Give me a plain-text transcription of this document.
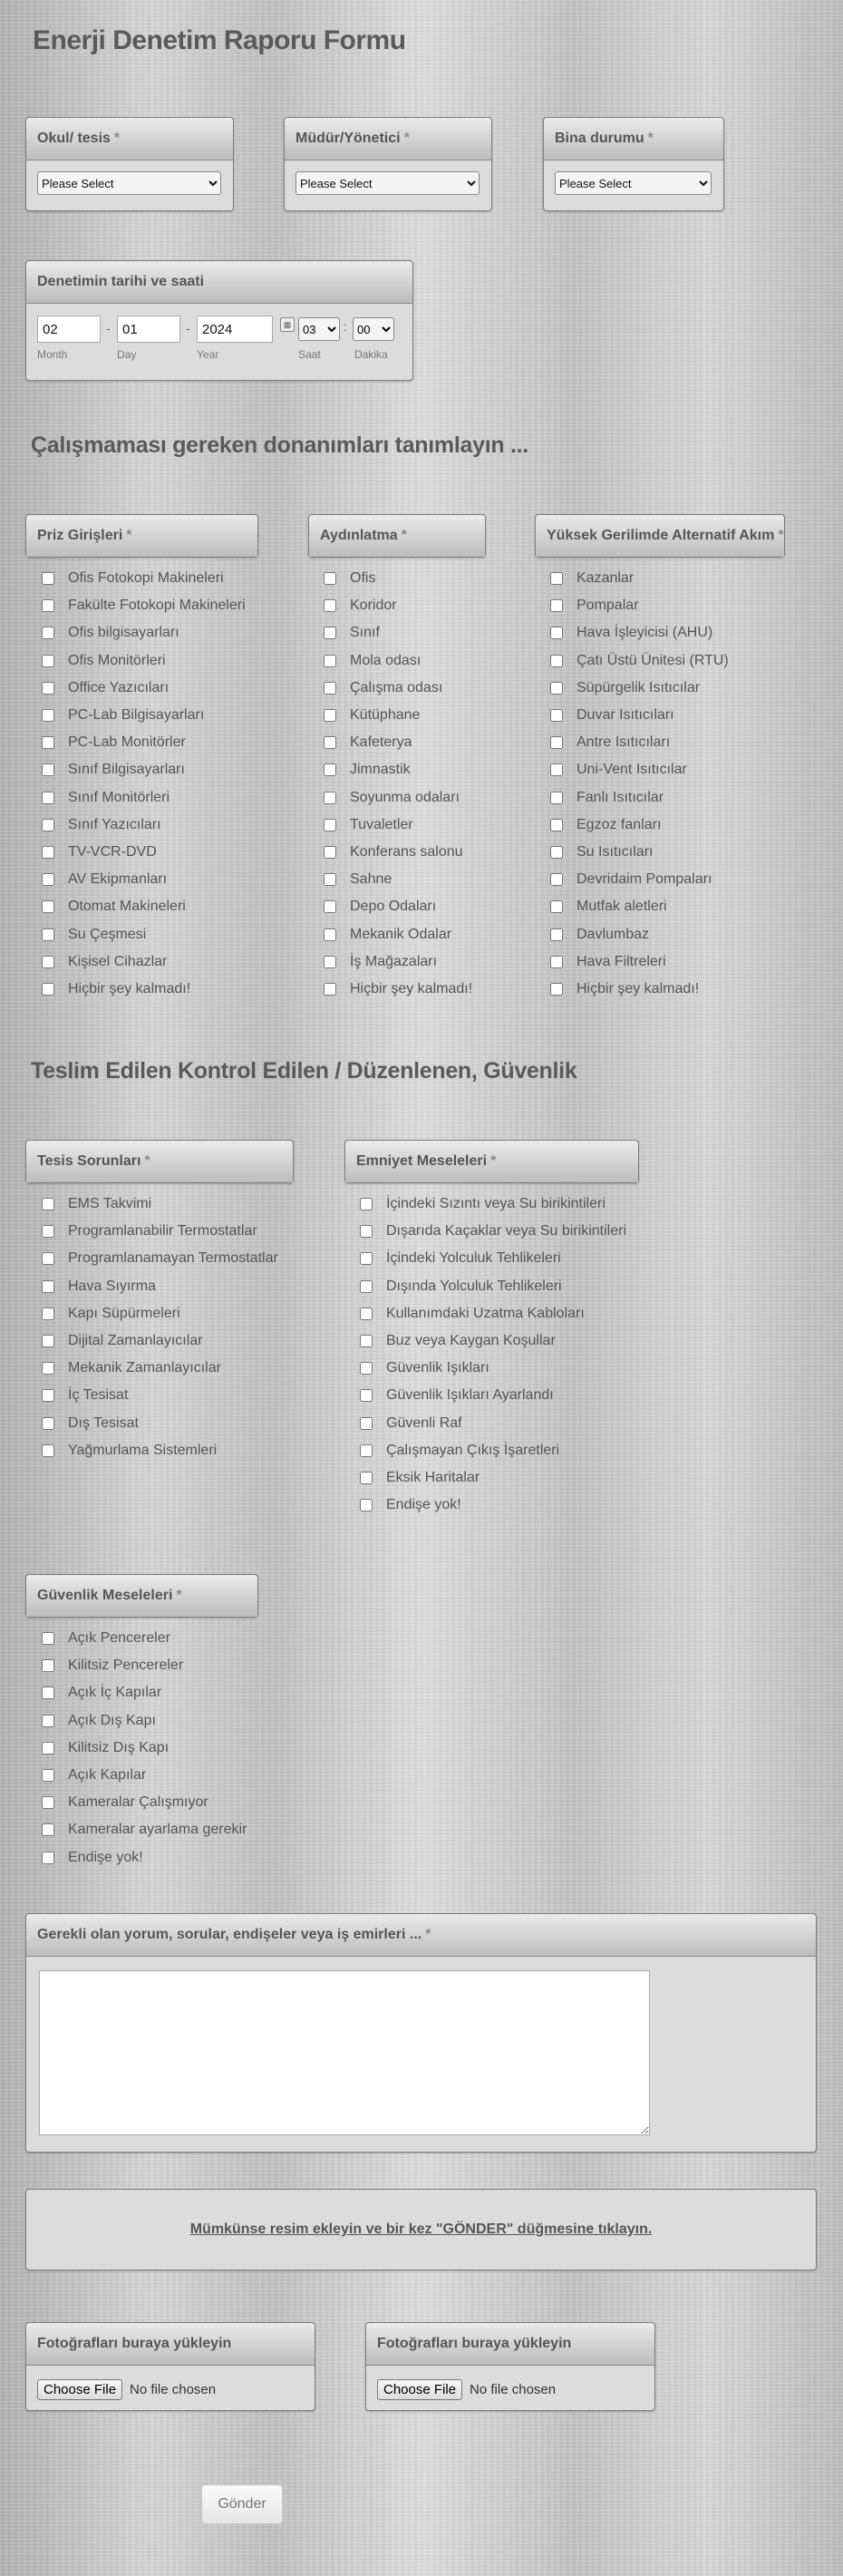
Enerji Denetim Raporu Formu
Okul/ tesis *
Please Select	Müdür/Yönetici *
Please Select	Bina durumu *
Please Select
Denetimin tarihi ve saati
02
-
01	-
2024	▦
03	:
00
Month	Day	Year	Saat	Dakika
Çalışmaması gereken donanımları tanımlayın ...
Priz Girişleri *
Ofis Fotokopi Makineleri
Fakülte Fotokopi Makineleri
Ofis bilgisayarları
Ofis Monitörleri
Office Yazıcıları
PC-Lab Bilgisayarları
PC-Lab Monitörler
Sınıf Bilgisayarları
Sınıf Monitörleri
Sınıf Yazıcıları
TV-VCR-DVD
AV Ekipmanları
Otomat Makineleri
Su Çeşmesi
Kişisel Cihazlar
Hiçbir şey kalmadı!
Aydınlatma *
Ofis
Koridor
Sınıf
Mola odası
Çalışma odası
Kütüphane
Kafeterya
Jimnastik
Soyunma odaları
Tuvaletler
Konferans salonu
Sahne
Depo Odaları
Mekanik Odalar
İş Mağazaları
Hiçbir şey kalmadı!
Yüksek Gerilimde Alternatif Akım *
Kazanlar
Pompalar
Hava İşleyicisi (AHU)
Çatı Üstü Ünitesi (RTU)
Süpürgelik Isıtıcılar
Duvar Isıtıcıları
Antre Isıtıcıları
Uni-Vent Isıtıcılar
Fanlı Isıtıcılar
Egzoz fanları
Su Isıtıcıları
Devridaim Pompaları
Mutfak aletleri
Davlumbaz
Hava Filtreleri
Hiçbir şey kalmadı!
Teslim Edilen Kontrol Edilen / Düzenlenen, Güvenlik
Tesis Sorunları *
EMS Takvimi
Programlanabilir Termostatlar
Programlanamayan Termostatlar
Hava Sıyırma
Kapı Süpürmeleri
Dijital Zamanlayıcılar
Mekanik Zamanlayıcılar
İç Tesisat
Dış Tesisat
Yağmurlama Sistemleri
Emniyet Meseleleri *
İçindeki Sızıntı veya Su birikintileri
Dışarıda Kaçaklar veya Su birikintileri
İçindeki Yolculuk Tehlikeleri
Dışında Yolculuk Tehlikeleri
Kullanımdaki Uzatma Kabloları
Buz veya Kaygan Koşullar
Güvenlik Işıkları
Güvenlik Işıkları Ayarlandı
Güvenli Raf
Çalışmayan Çıkış İşaretleri
Eksik Haritalar
Endişe yok!
Güvenlik Meseleleri *
Açık Pencereler
Kilitsiz Pencereler
Açık İç Kapılar
Açık Dış Kapı
Kilitsiz Dış Kapı
Açık Kapılar
Kameralar Çalışmıyor
Kameralar ayarlama gerekir
Endişe yok!
Gerekli olan yorum, sorular, endişeler veya iş emirleri ... *
Mümkünse resim ekleyin ve bir kez "GÖNDER" düğmesine tıklayın.
Fotoğrafları buraya yükleyin
Choose File	No file chosen
Fotoğrafları buraya yükleyin
Choose File	No file chosen
Gönder
